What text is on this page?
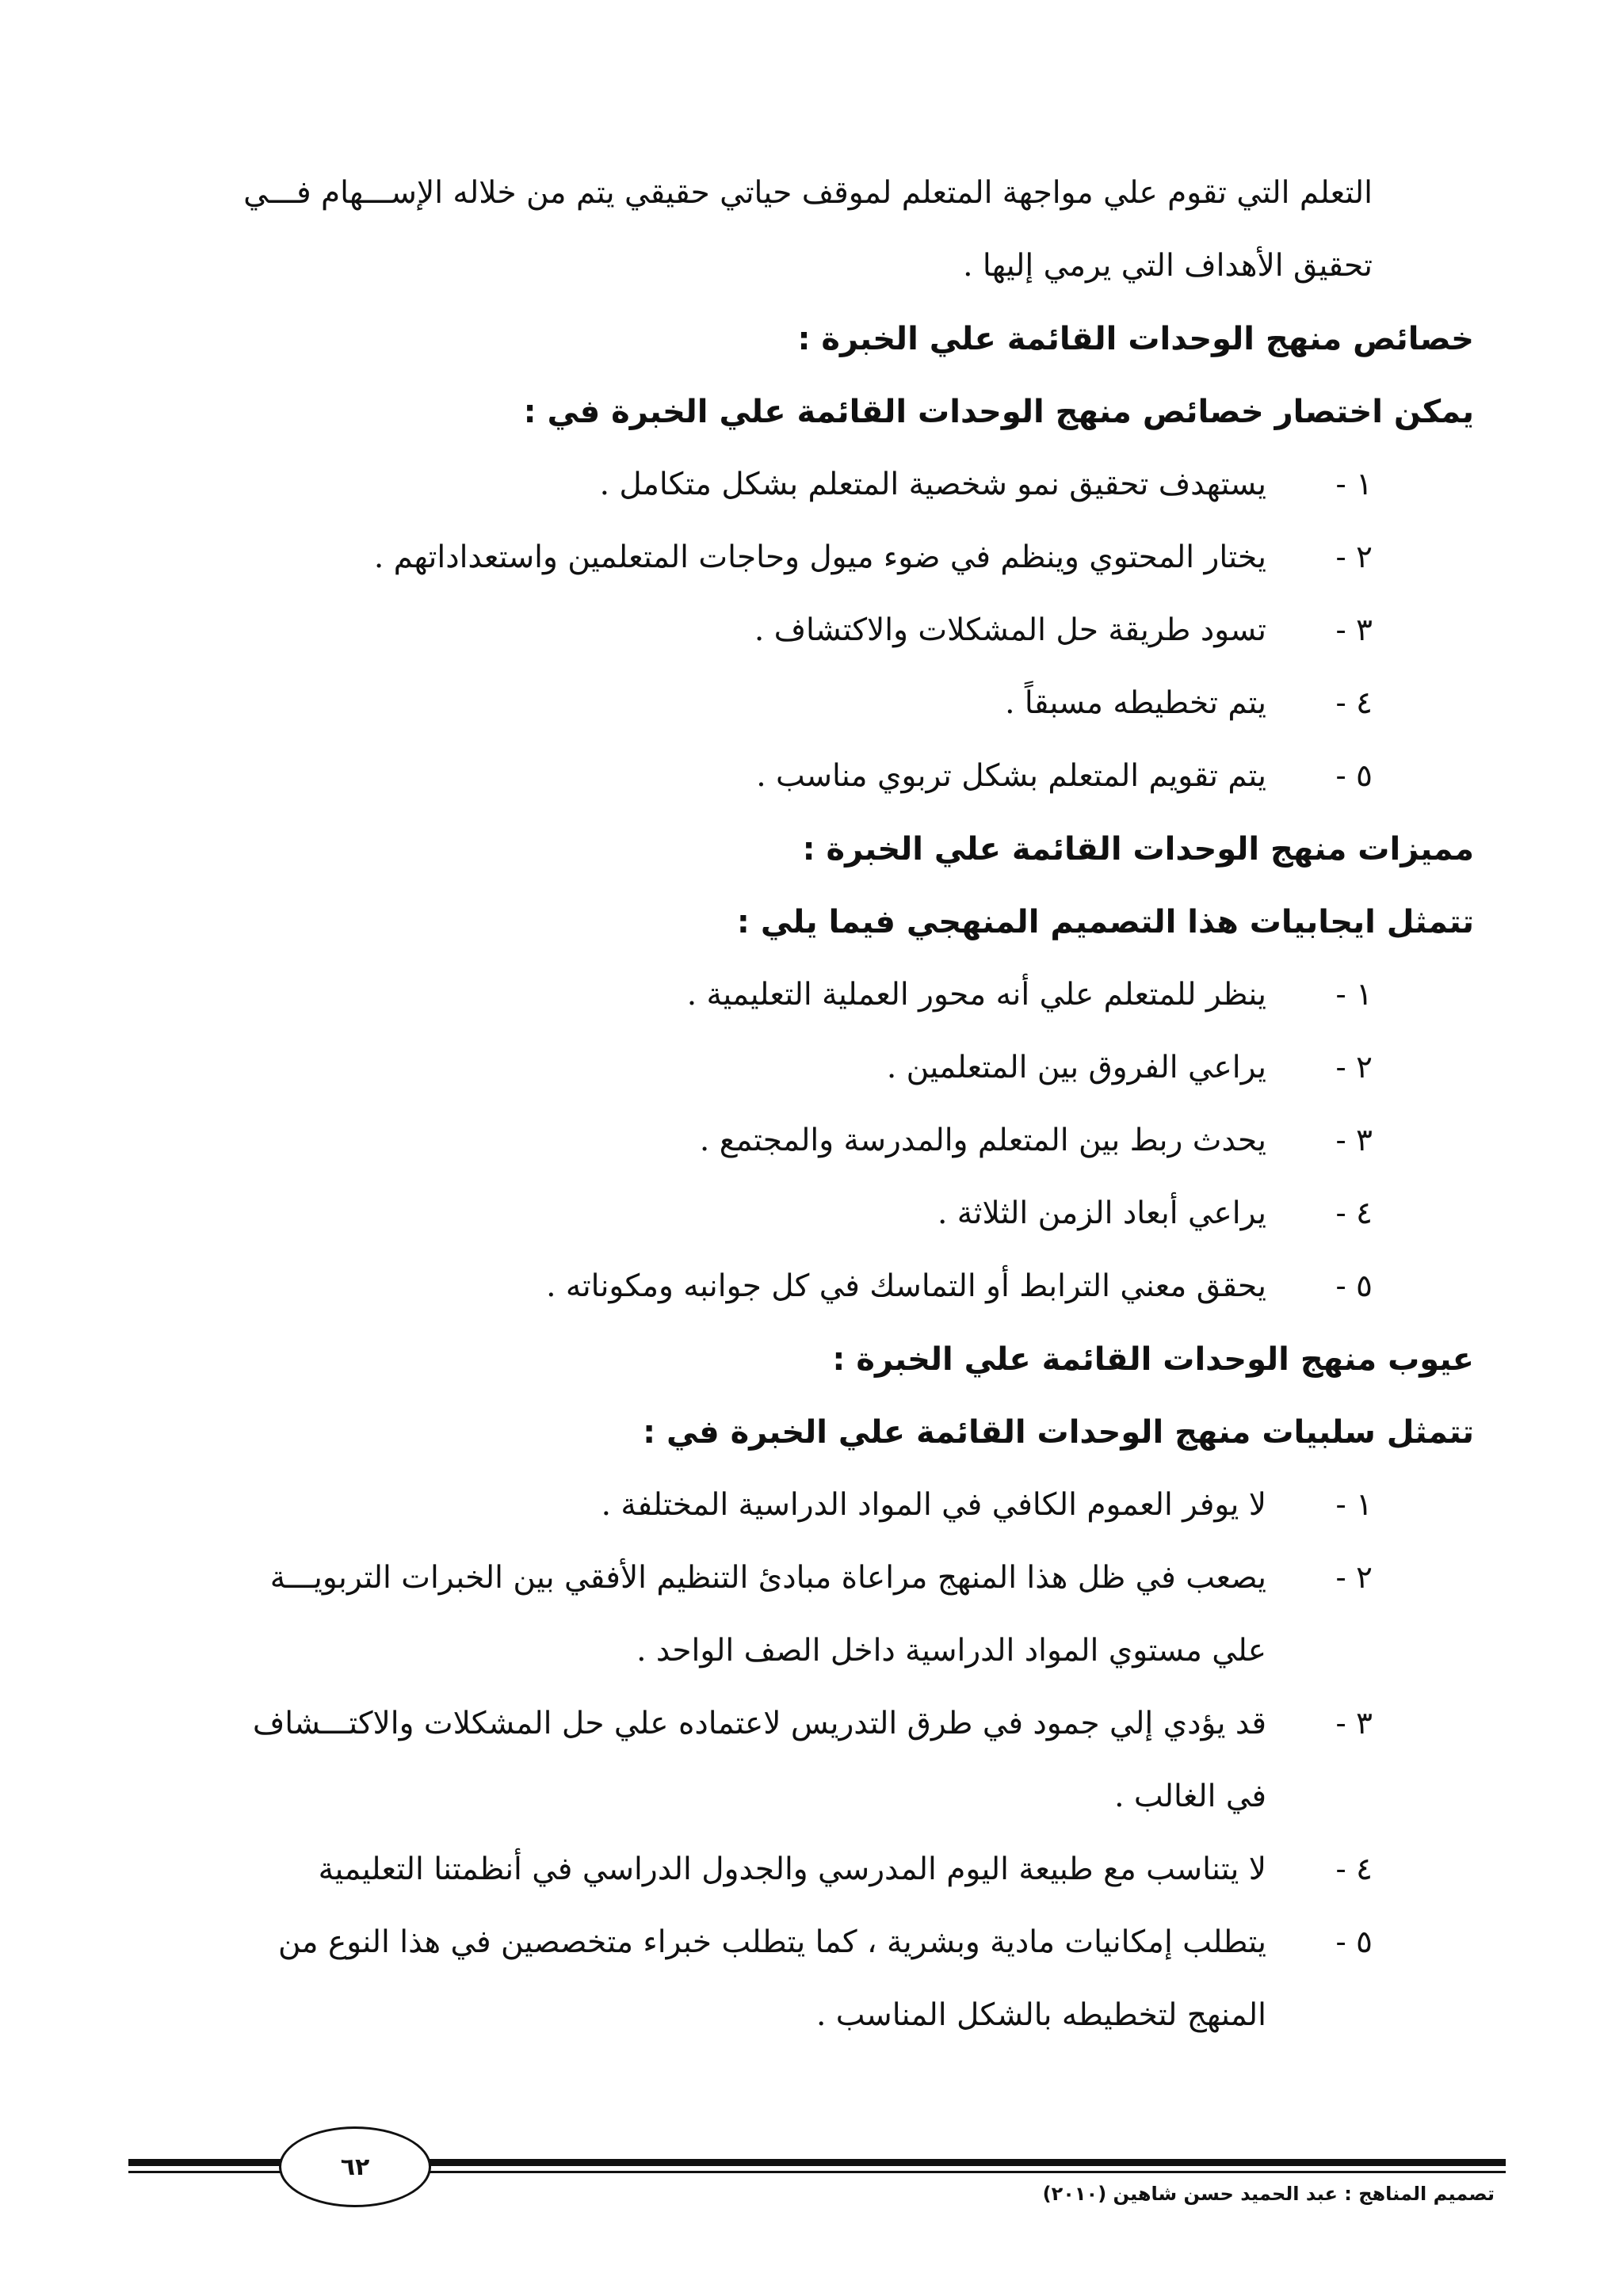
التعلم التي تقوم علي مواجهة المتعلم لموقف حياتي حقيقي يتم من خلاله الإســـهام فـــي
تحقيق الأهداف التي يرمي إليها .
خصائص منهج الوحدات القائمة علي الخبرة :
يمكن اختصار خصائص منهج الوحدات القائمة علي الخبرة في :
١ -
يستهدف تحقيق نمو شخصية المتعلم بشكل متكامل .
٢ -
يختار المحتوي وينظم في ضوء ميول وحاجات المتعلمين واستعداداتهم .
٣ -
تسود طريقة حل المشكلات والاكتشاف .
٤ -
يتم تخطيطه مسبقاً .
٥ -
يتم تقويم المتعلم بشكل تربوي مناسب .
مميزات منهج الوحدات القائمة علي الخبرة :
تتمثل ايجابيات هذا التصميم المنهجي فيما يلي :
١ -
ينظر للمتعلم علي أنه محور العملية التعليمية .
٢ -
يراعي الفروق بين المتعلمين .
٣ -
يحدث ربط بين المتعلم والمدرسة والمجتمع .
٤ -
يراعي أبعاد الزمن الثلاثة .
٥ -
يحقق معني الترابط أو التماسك في كل جوانبه ومكوناته .
عيوب منهج الوحدات القائمة علي الخبرة :
تتمثل سلبيات منهج الوحدات القائمة علي الخبرة في :
١ -
لا يوفر العموم الكافي في المواد الدراسية المختلفة .
٢ -
يصعب في ظل هذا المنهج مراعاة مبادئ التنظيم الأفقي بين الخبرات التربويـــة
علي مستوي المواد الدراسية داخل الصف الواحد .
٣ -
قد يؤدي إلي جمود في طرق التدريس لاعتماده علي حل المشكلات والاكتـــشاف
في الغالب .
٤ -
لا يتناسب مع طبيعة اليوم المدرسي والجدول الدراسي في أنظمتنا التعليمية
٥ -
يتطلب إمكانيات مادية وبشرية ، كما يتطلب خبراء متخصصين في هذا النوع من
المنهج لتخطيطه بالشكل المناسب .
٦٢
تصميم المناهج : عبد الحميد حسن شاهين (٢٠١٠)
